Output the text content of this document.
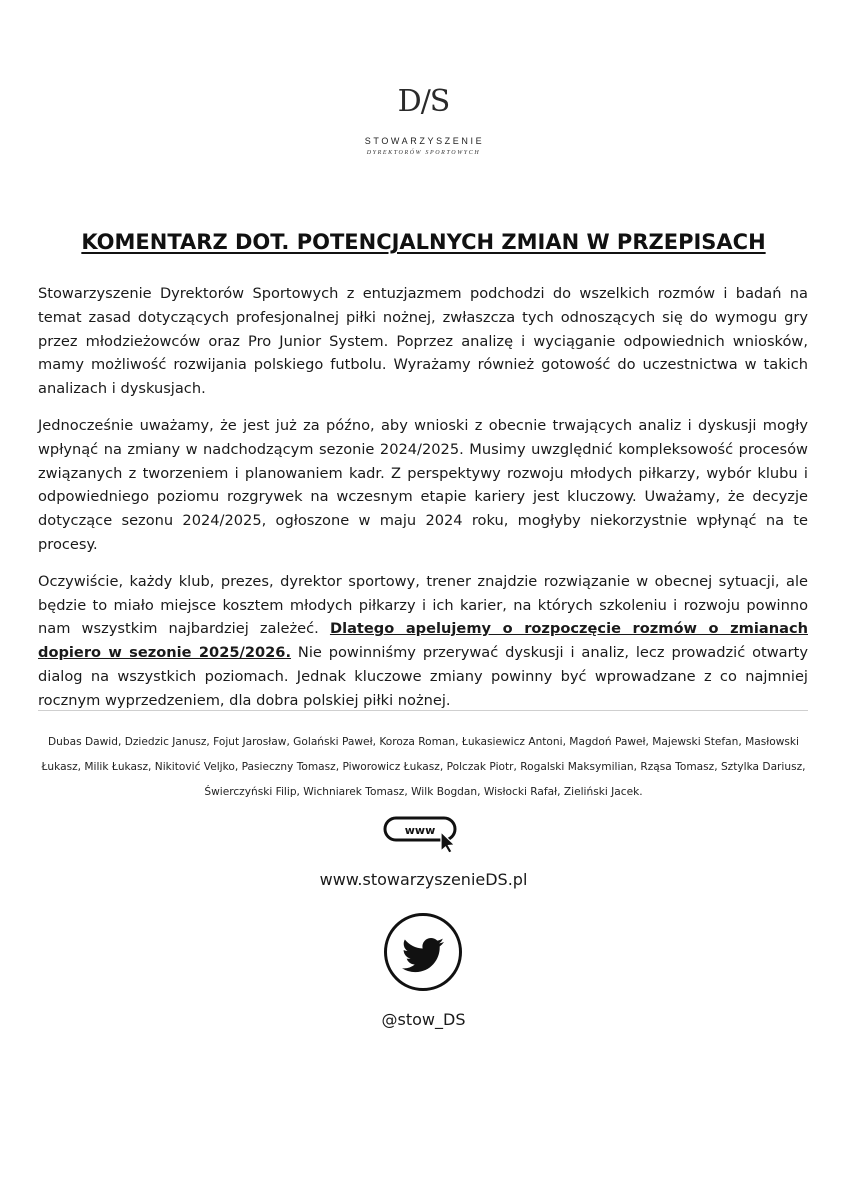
D/S
STOWARZYSZENIE
DYREKTORÓW SPORTOWYCH
KOMENTARZ DOT. POTENCJALNYCH ZMIAN W PRZEPISACH

Stowarzyszenie Dyrektorów Sportowych z entuzjazmem podchodzi do wszelkich rozmów i badań na temat zasad dotyczących profesjonalnej piłki nożnej, zwłaszcza tych odnoszących się do wymogu gry przez młodzieżowców oraz Pro Junior System. Poprzez analizę i wyciąganie odpowiednich wniosków, mamy możliwość rozwijania polskiego futbolu. Wyrażamy również gotowość do uczestnictwa w takich analizach i dyskusjach.

Jednocześnie uważamy, że jest już za późno, aby wnioski z obecnie trwających analiz i dyskusji mogły wpłynąć na zmiany w nadchodzącym sezonie 2024/2025. Musimy uwzględnić kompleksowość procesów związanych z tworzeniem i planowaniem kadr. Z perspektywy rozwoju młodych piłkarzy, wybór klubu i odpowiedniego poziomu rozgrywek na wczesnym etapie kariery jest kluczowy. Uważamy, że decyzje dotyczące sezonu 2024/2025, ogłoszone w maju 2024 roku, mogłyby niekorzystnie wpłynąć na te procesy.

Oczywiście, każdy klub, prezes, dyrektor sportowy, trener znajdzie rozwiązanie w obecnej sytuacji, ale będzie to miało miejsce kosztem młodych piłkarzy i ich karier, na których szkoleniu i rozwoju powinno nam wszystkim najbardziej zależeć. Dlatego apelujemy o rozpoczęcie rozmów o zmianach dopiero w sezonie 2025/2026. Nie powinniśmy przerywać dyskusji i analiz, lecz prowadzić otwarty dialog na wszystkich poziomach. Jednak kluczowe zmiany powinny być wprowadzane z co najmniej rocznym wyprzedzeniem, dla dobra polskiej piłki nożnej.

Dubas Dawid, Dziedzic Janusz, Fojut Jarosław, Golański Paweł, Koroza Roman, Łukasiewicz Antoni, Magdoń Paweł, Majewski Stefan, Masłowski Łukasz, Milik Łukasz, Nikitović Veljko, Pasieczny Tomasz, Piworowicz Łukasz, Polczak Piotr, Rogalski Maksymilian, Rząsa Tomasz, Sztylka Dariusz, Świerczyński Filip, Wichniarek Tomasz, Wilk Bogdan, Wisłocki Rafał, Zieliński Jacek.
www
www.stowarzyszenieDS.pl
@stow_DS
